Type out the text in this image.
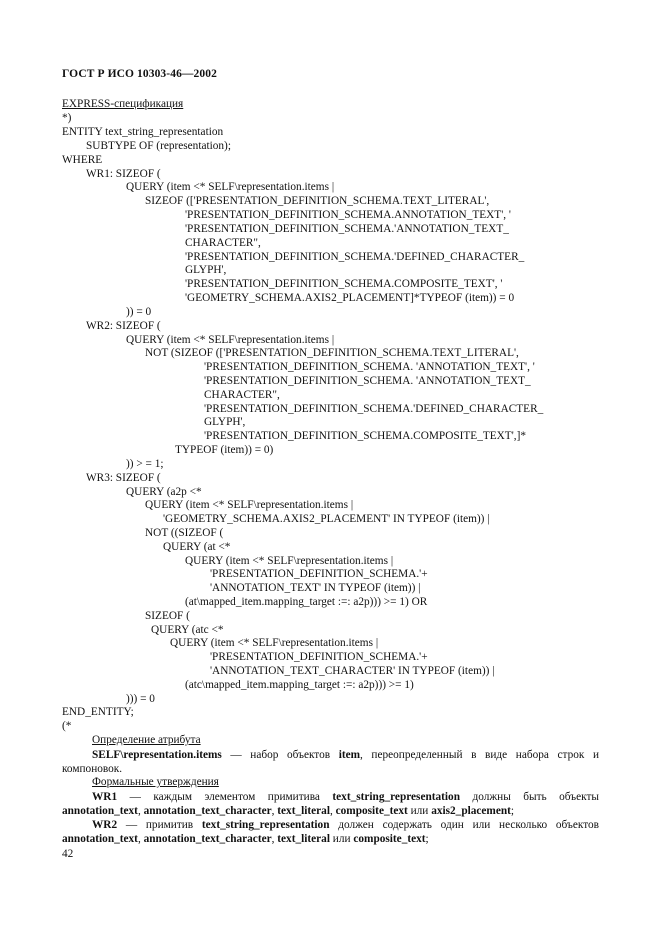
ГОСТ Р ИСО 10303-46—2002
EXPRESS-спецификация
*)
ENTITY text_string_representation
SUBTYPE OF (representation);
WHERE
WR1: SIZEOF (
QUERY (item <* SELF\representation.items |
SIZEOF (['PRESENTATION_DEFINITION_SCHEMA.TEXT_LITERAL',
'PRESENTATION_DEFINITION_SCHEMA.ANNOTATION_TEXT', '
'PRESENTATION_DEFINITION_SCHEMA.'ANNOTATION_TEXT_
CHARACTER",
'PRESENTATION_DEFINITION_SCHEMA.'DEFINED_CHARACTER_
GLYPH',
'PRESENTATION_DEFINITION_SCHEMA.COMPOSITE_TEXT', '
'GEOMETRY_SCHEMA.AXIS2_PLACEMENT]*TYPEOF (item)) = 0
)) = 0
WR2: SIZEOF (
QUERY (item <* SELF\representation.items |
NOT (SIZEOF (['PRESENTATION_DEFINITION_SCHEMA.TEXT_LITERAL',
'PRESENTATION_DEFINITION_SCHEMA. 'ANNOTATION_TEXT', '
'PRESENTATION_DEFINITION_SCHEMA. 'ANNOTATION_TEXT_
CHARACTER",
'PRESENTATION_DEFINITION_SCHEMA.'DEFINED_CHARACTER_
GLYPH',
'PRESENTATION_DEFINITION_SCHEMA.COMPOSITE_TEXT',]*
TYPEOF (item)) = 0)
)) > = 1;
WR3: SIZEOF (
QUERY (a2p <*
QUERY (item <* SELF\representation.items |
'GEOMETRY_SCHEMA.AXIS2_PLACEMENT' IN TYPEOF (item)) |
NOT ((SIZEOF (
QUERY (at <*
QUERY (item <* SELF\representation.items |
'PRESENTATION_DEFINITION_SCHEMA.'+
'ANNOTATION_TEXT' IN TYPEOF (item)) |
(at\mapped_item.mapping_target :=: a2p))) >= 1) OR
SIZEOF (
QUERY (atc <*
QUERY (item <* SELF\representation.items |
'PRESENTATION_DEFINITION_SCHEMA.'+
'ANNOTATION_TEXT_CHARACTER' IN TYPEOF (item)) |
(atc\mapped_item.mapping_target :=: a2p))) >= 1)
))) = 0
END_ENTITY;
(*
Определение атрибута
SELF\representation.items — набор объектов item, переопределенный в виде набора строк и компоновок.
Формальные утверждения
WR1 — каждым элементом примитива text_string_representation должны быть объекты annotation_text, annotation_text_character, text_literal, composite_text или axis2_placement;
WR2 — примитив text_string_representation должен содержать один или несколько объектов annotation_text, annotation_text_character, text_literal или composite_text;
42
